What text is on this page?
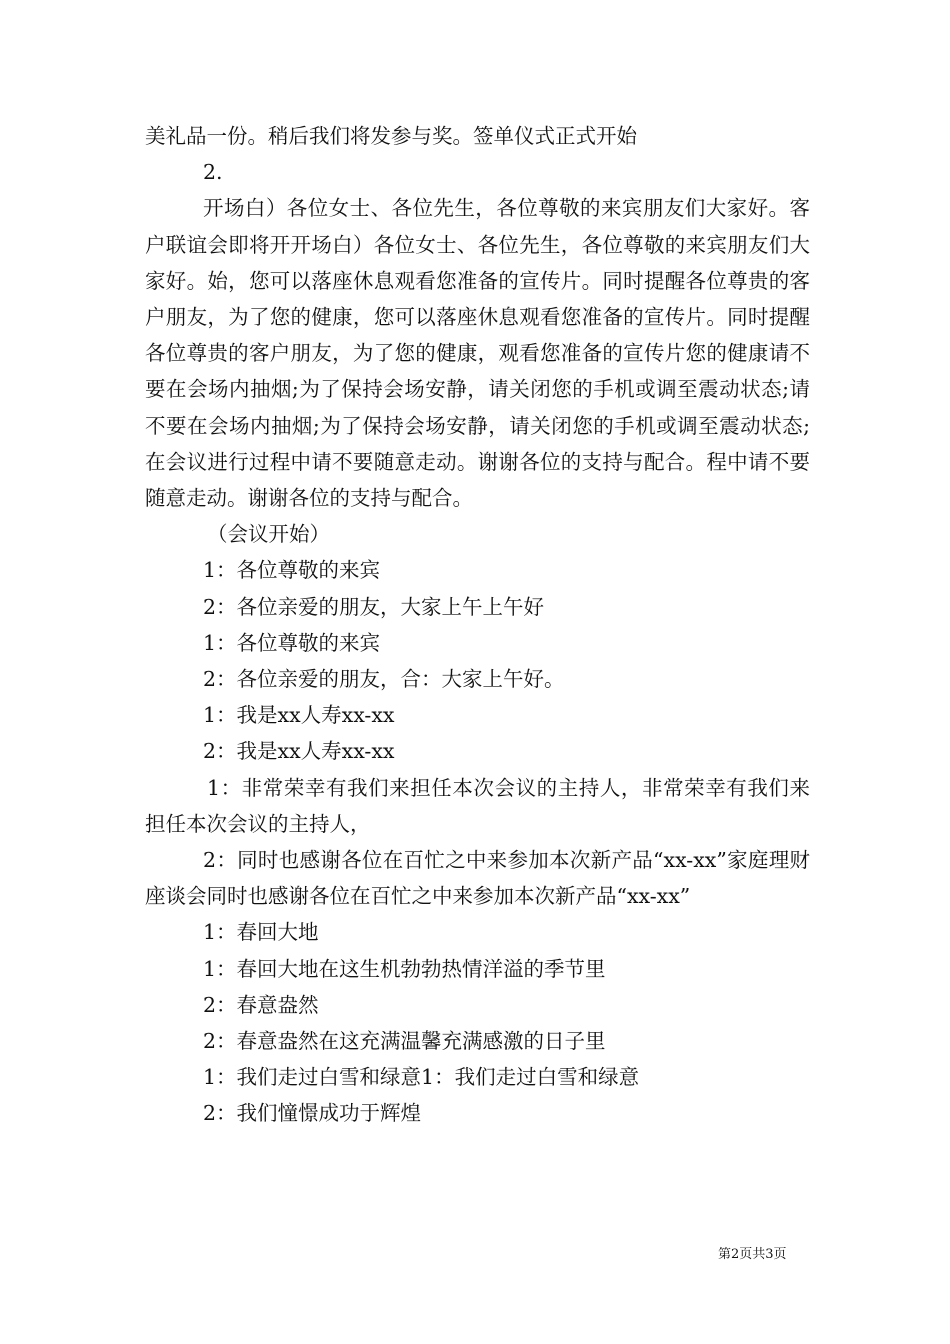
美礼品一份。稍后我们将发参与奖。签单仪式正式开始

2.

开场白）各位女士、各位先生，各位尊敬的来宾朋友们大家好。客户联谊会即将开开场白）各位女士、各位先生，各位尊敬的来宾朋友们大家好。始，您可以落座休息观看您准备的宣传片。同时提醒各位尊贵的客户朋友，为了您的健康，您可以落座休息观看您准备的宣传片。同时提醒各位尊贵的客户朋友，为了您的健康，观看您准备的宣传片您的健康请不要在会场内抽烟;为了保持会场安静，请关闭您的手机或调至震动状态;请不要在会场内抽烟;为了保持会场安静，请关闭您的手机或调至震动状态;在会议进行过程中请不要随意走动。谢谢各位的支持与配合。程中请不要随意走动。谢谢各位的支持与配合。

（会议开始）

1：各位尊敬的来宾

2：各位亲爱的朋友，大家上午上午好

1：各位尊敬的来宾

2：各位亲爱的朋友，合：大家上午好。

1：我是xx人寿xx-xx

2：我是xx人寿xx-xx

1：非常荣幸有我们来担任本次会议的主持人，非常荣幸有我们来担任本次会议的主持人，

2：同时也感谢各位在百忙之中来参加本次新产品“xx-xx”家庭理财座谈会同时也感谢各位在百忙之中来参加本次新产品“xx-xx”

1：春回大地

1：春回大地在这生机勃勃热情洋溢的季节里

2：春意盎然

2：春意盎然在这充满温馨充满感激的日子里

1：我们走过白雪和绿意1：我们走过白雪和绿意

2：我们憧憬成功于辉煌

第2页共3页
